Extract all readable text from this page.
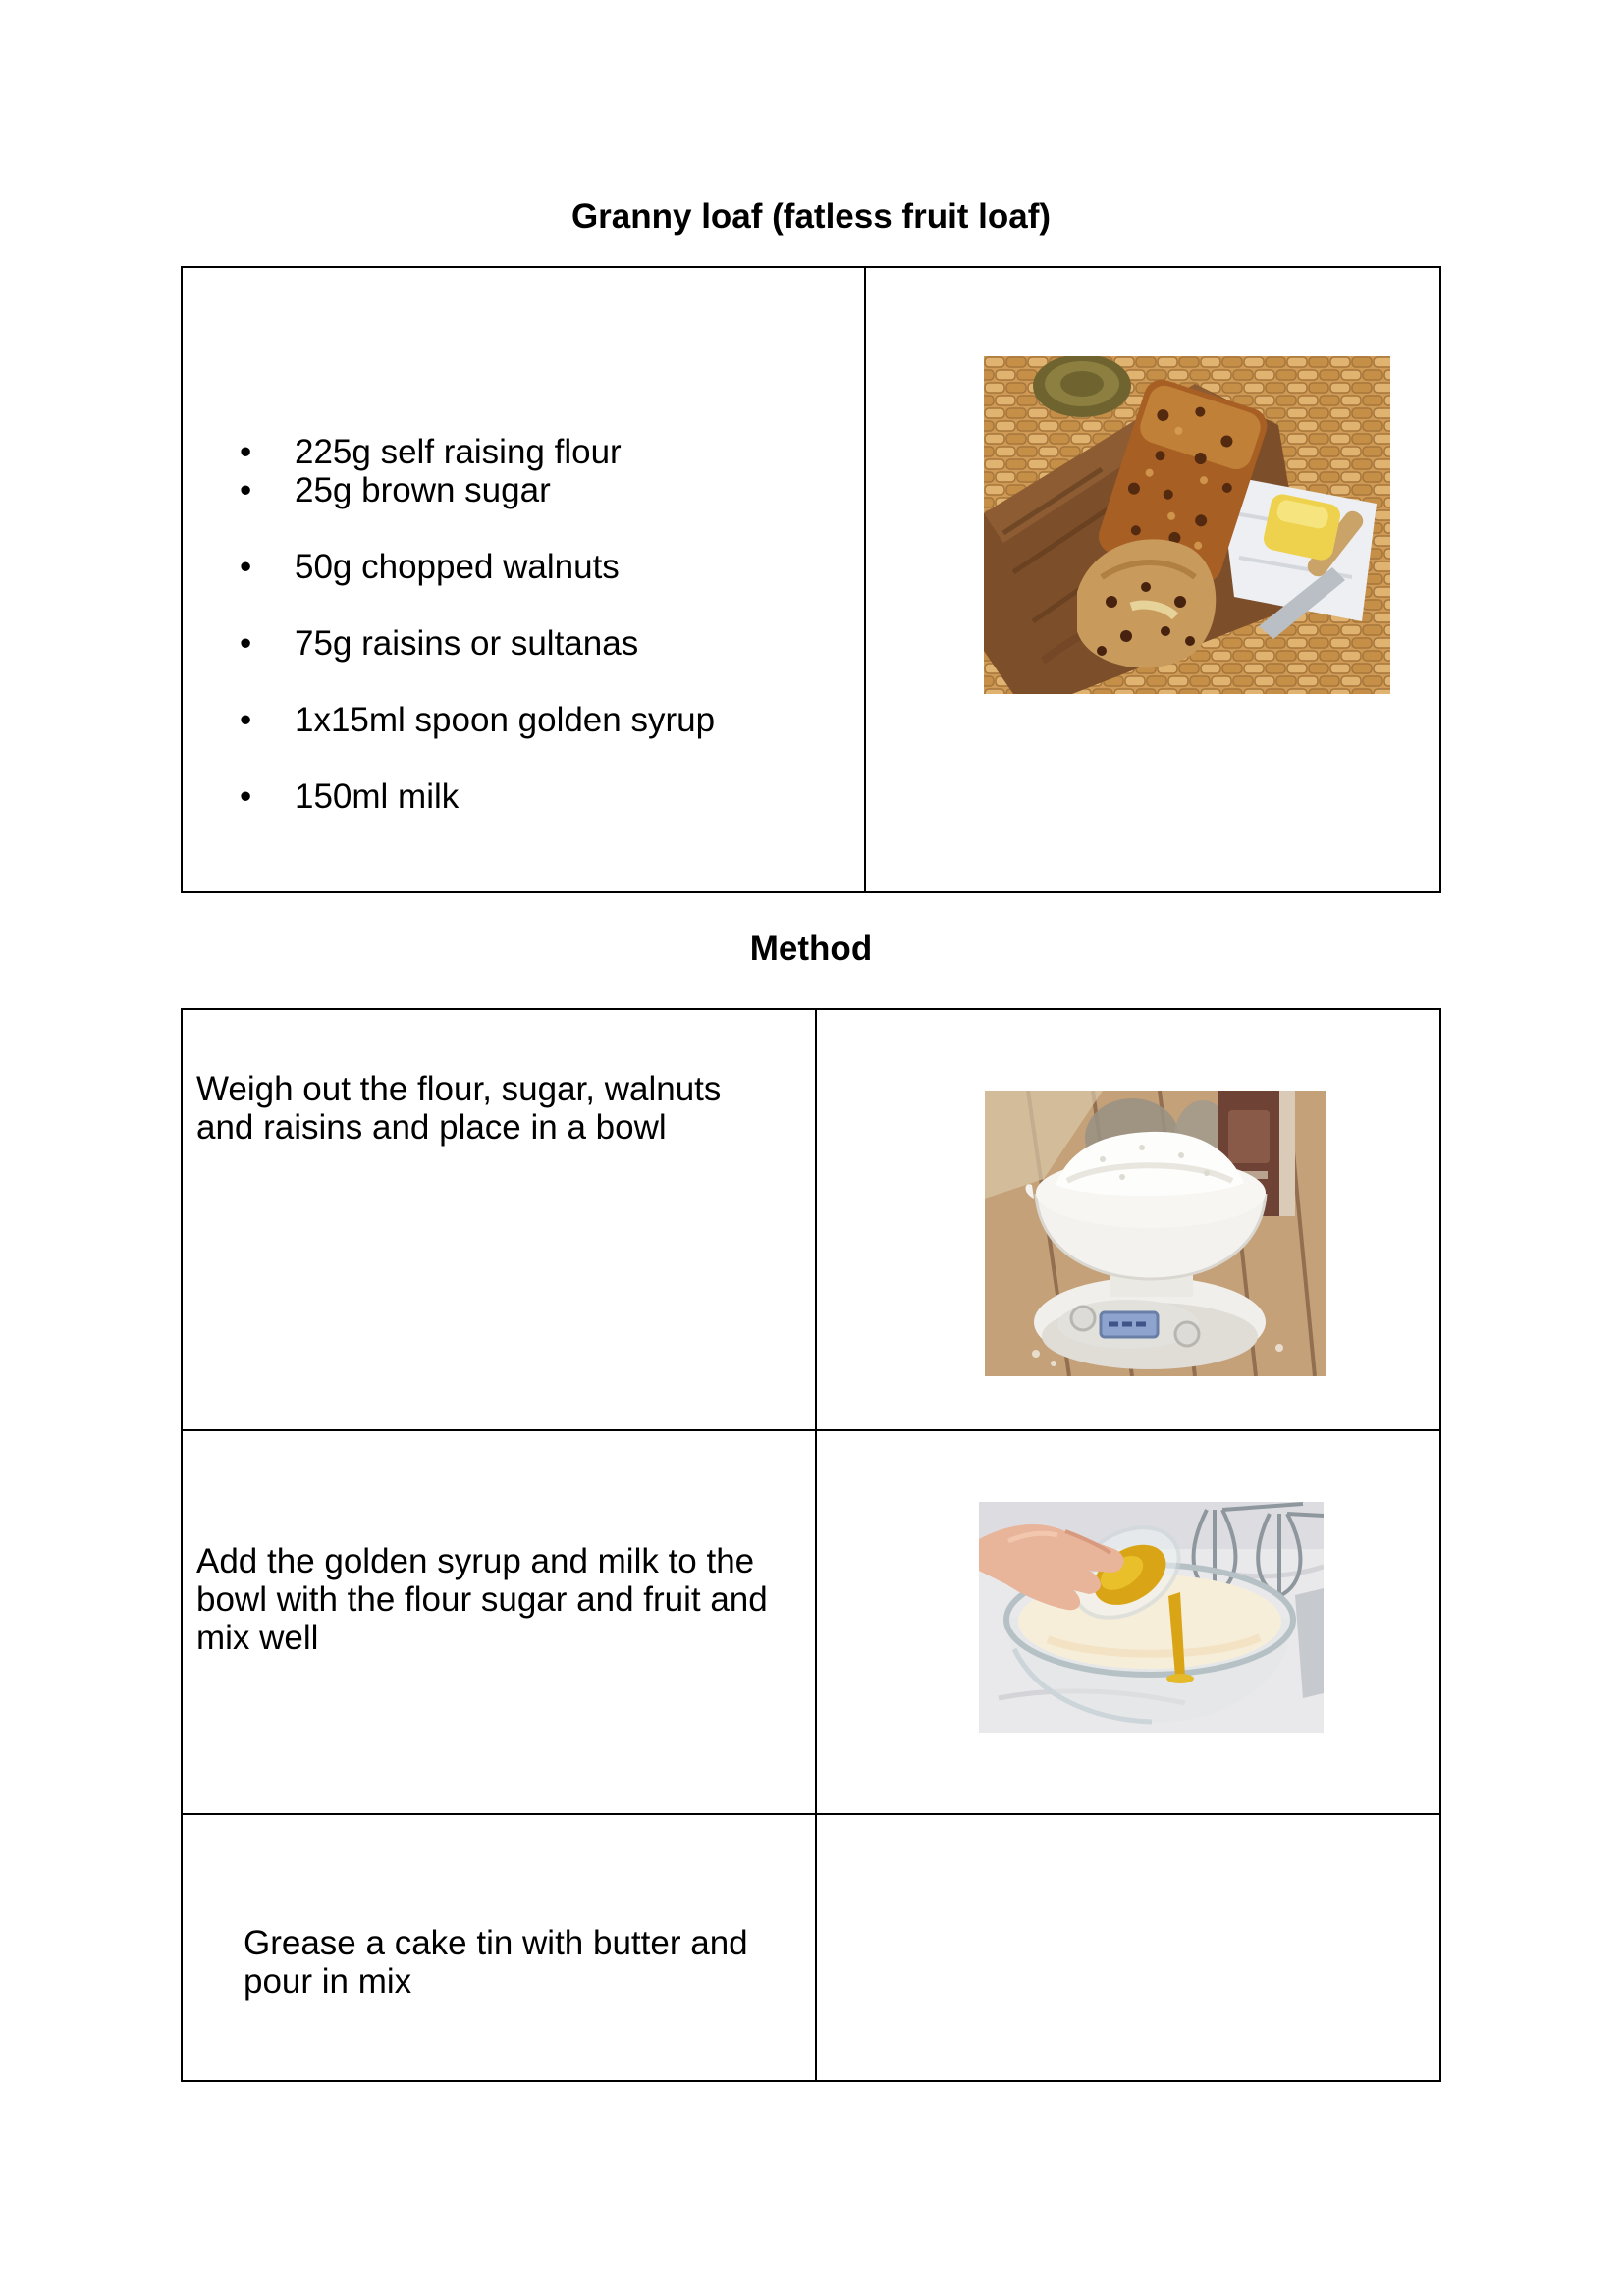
Granny loaf (fatless fruit loaf)
• 225g self raising flour
• 25g brown sugar
• 50g chopped walnuts
• 75g raisins or sultanas
• 1x15ml spoon golden syrup
• 150ml milk
Method
Weigh out the flour, sugar, walnuts and raisins and place in a bowl
Add the golden syrup and milk to the bowl with the flour sugar and fruit and mix well
Grease a cake tin with butter and pour in mix
